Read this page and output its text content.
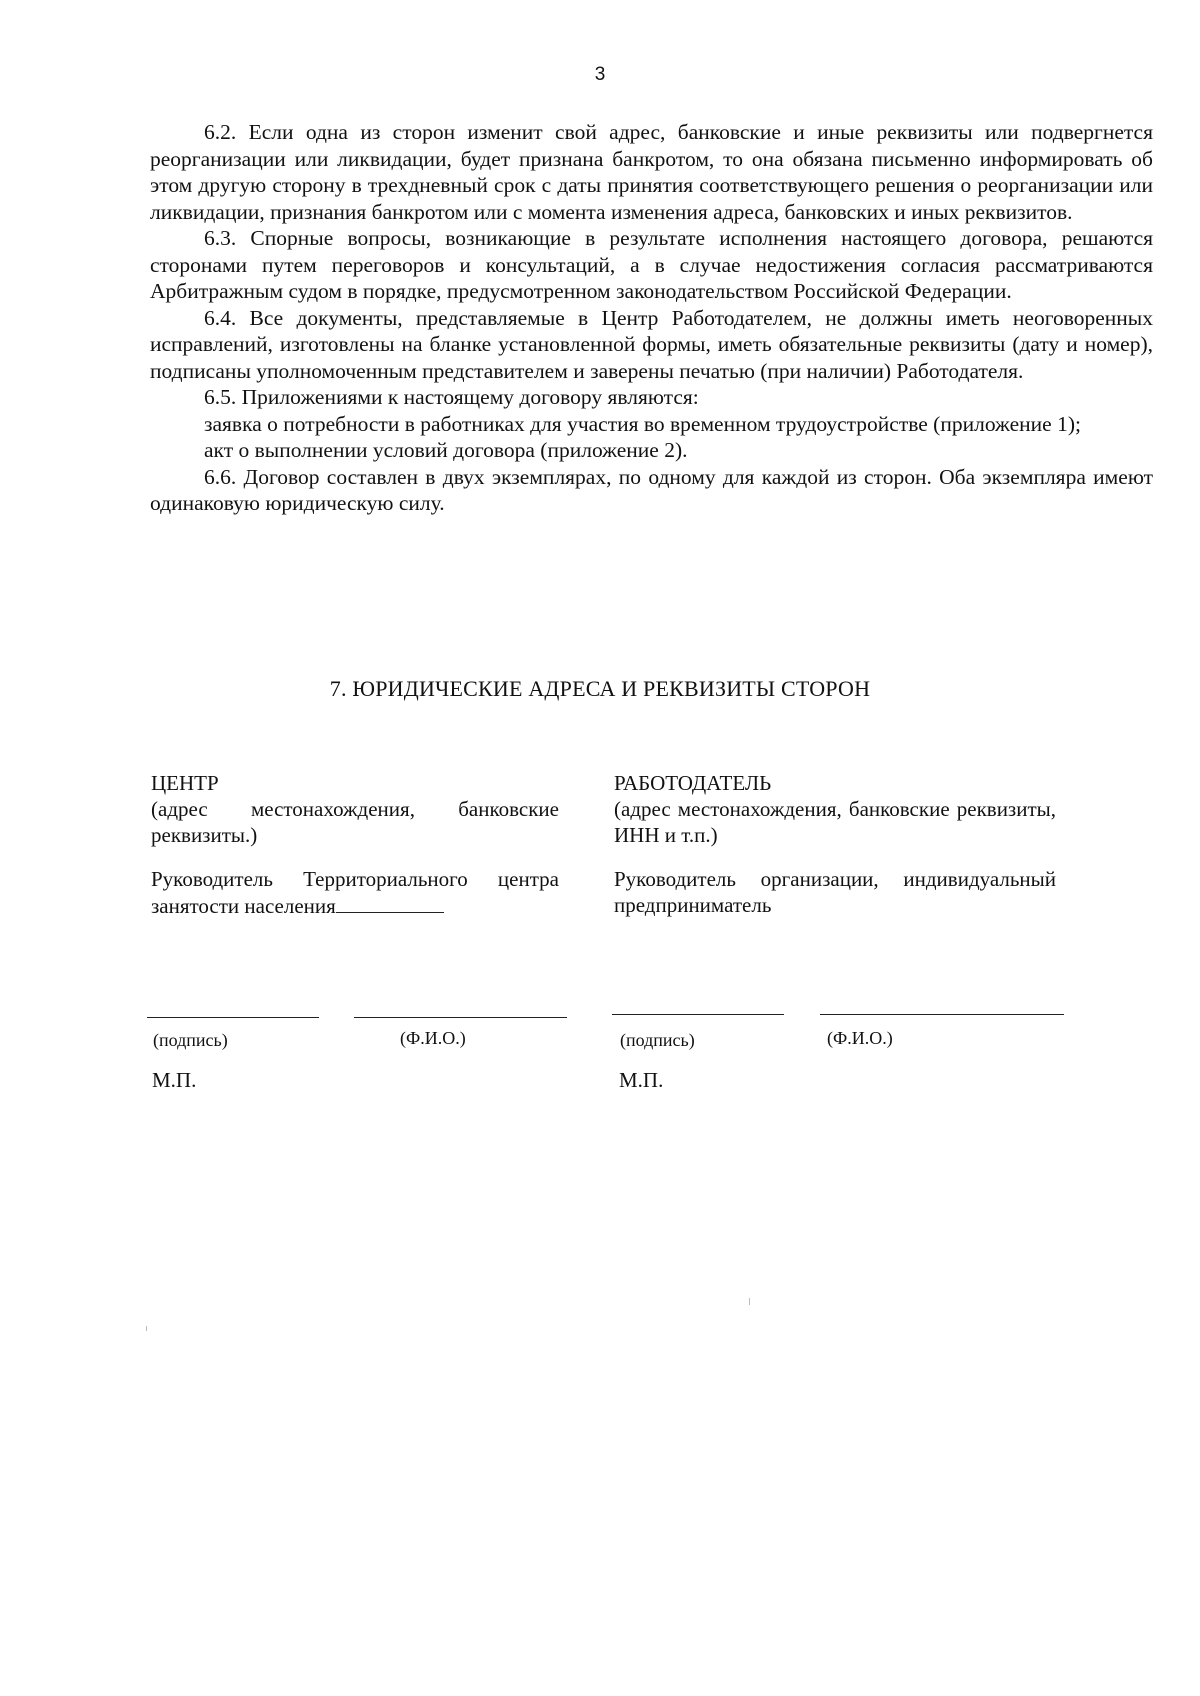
3

6.2. Если одна из сторон изменит свой адрес, банковские и иные реквизиты или подвергнется реорганизации или ликвидации, будет признана банкротом, то она обязана письменно информировать об этом другую сторону в трехдневный срок с даты принятия соответствующего решения о реорганизации или ликвидации, признания банкротом или с момента изменения адреса, банковских и иных реквизитов.

6.3. Спорные вопросы, возникающие в результате исполнения настоящего договора, решаются сторонами путем переговоров и консультаций, а в случае недостижения согласия рассматриваются Арбитражным судом в порядке, предусмотренном законодательством Российской Федерации.

6.4. Все документы, представляемые в Центр Работодателем, не должны иметь неоговоренных исправлений, изготовлены на бланке установленной формы, иметь обязательные реквизиты (дату и номер), подписаны уполномоченным представителем и заверены печатью (при наличии) Работодателя.

6.5. Приложениями к настоящему договору являются:

заявка о потребности в работниках для участия во временном трудоустройстве (приложение 1);

акт о выполнении условий договора (приложение 2).

6.6. Договор составлен в двух экземплярах, по одному для каждой из сторон. Оба экземпляра имеют одинаковую юридическую силу.

7. ЮРИДИЧЕСКИЕ АДРЕСА И РЕКВИЗИТЫ СТОРОН

ЦЕНТР

(адрес местонахождения, банковские реквизиты.)

Руководитель Территориального центра занятости населения

РАБОТОДАТЕЛЬ

(адрес местонахождения, банковские реквизиты, ИНН и т.п.)

Руководитель организации, индивидуальный предприниматель

(подпись)	(Ф.И.О.)	(подпись)	(Ф.И.О.)
М.П.	М.П.
